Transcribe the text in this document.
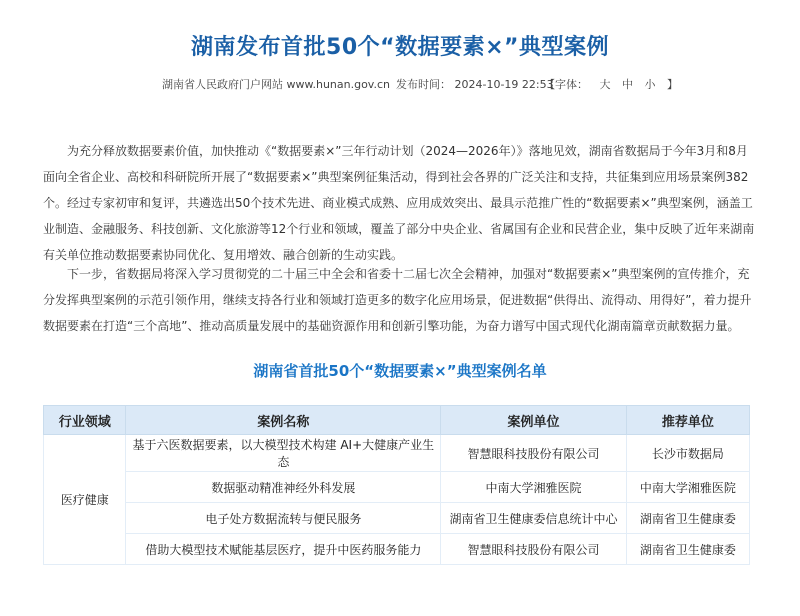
湖南发布首批50个“数据要素×”典型案例
湖南省人民政府门户网站 www.hunan.gov.cn 发布时间： 2024-10-19 22:53
【字体： 大 中 小 】

为充分释放数据要素价值，加快推动《“数据要素×”三年行动计划（2024—2026年）》落地见效，湖南省数据局于今年3月和8月面向全省企业、高校和科研院所开展了“数据要素×”典型案例征集活动，得到社会各界的广泛关注和支持，共征集到应用场景案例382个。经过专家初审和复评，共遴选出50个技术先进、商业模式成熟、应用成效突出、最具示范推广性的“数据要素×”典型案例，涵盖工业制造、金融服务、科技创新、文化旅游等12个行业和领域，覆盖了部分中央企业、省属国有企业和民营企业，集中反映了近年来湖南有关单位推动数据要素协同优化、复用增效、融合创新的生动实践。

下一步，省数据局将深入学习贯彻党的二十届三中全会和省委十二届七次全会精神，加强对“数据要素×”典型案例的宣传推介，充分发挥典型案例的示范引领作用，继续支持各行业和领域打造更多的数字化应用场景，促进数据“供得出、流得动、用得好”，着力提升数据要素在打造“三个高地”、推动高质量发展中的基础资源作用和创新引擎功能，为奋力谱写中国式现代化湖南篇章贡献数据力量。

湖南省首批50个“数据要素×”典型案例名单
行业领域	案例名称	案例单位	推荐单位
医疗健康	基于六医数据要素，以大模型技术构建 AI+大健康产业生态	智慧眼科技股份有限公司	长沙市数据局
	数据驱动精准神经外科发展	中南大学湘雅医院	中南大学湘雅医院
	电子处方数据流转与便民服务	湖南省卫生健康委信息统计中心	湖南省卫生健康委
	借助大模型技术赋能基层医疗，提升中医药服务能力	智慧眼科技股份有限公司	湖南省卫生健康委
